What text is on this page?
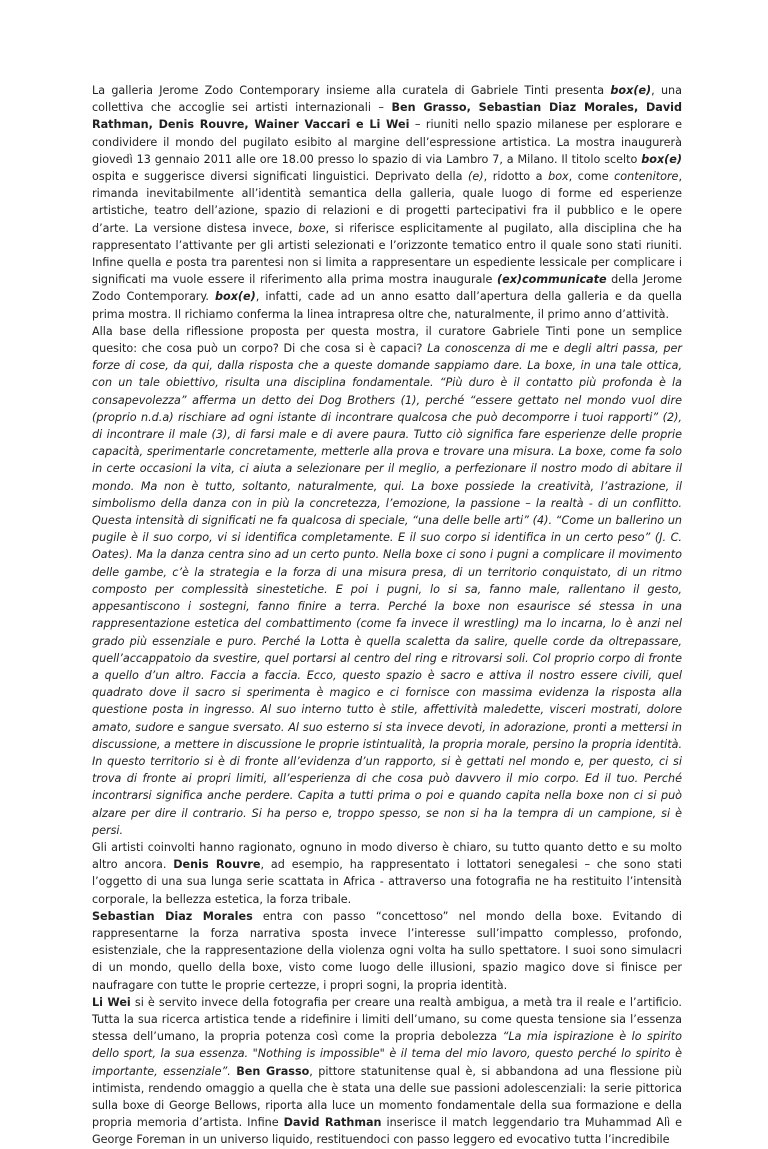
La galleria Jerome Zodo Contemporary insieme alla curatela di Gabriele Tinti presenta box(e), una collettiva che accoglie sei artisti internazionali – Ben Grasso, Sebastian Diaz Morales, David Rathman, Denis Rouvre, Wainer Vaccari e Li Wei – riuniti nello spazio milanese per esplorare e condividere il mondo del pugilato esibito al margine dell’espressione artistica. La mostra inaugurerà giovedì 13 gennaio 2011 alle ore 18.00 presso lo spazio di via Lambro 7, a Milano. Il titolo scelto box(e) ospita e suggerisce diversi significati linguistici. Deprivato della (e), ridotto a box, come contenitore, rimanda inevitabilmente all’identità semantica della galleria, quale luogo di forme ed esperienze artistiche, teatro dell’azione, spazio di relazioni e di progetti partecipativi fra il pubblico e le opere d’arte. La versione distesa invece, boxe, si riferisce esplicitamente al pugilato, alla disciplina che ha rappresentato l’attivante per gli artisti selezionati e l’orizzonte tematico entro il quale sono stati riuniti. Infine quella e posta tra parentesi non si limita a rappresentare un espediente lessicale per complicare i significati ma vuole essere il riferimento alla prima mostra inaugurale (ex)communicate della Jerome Zodo Contemporary. box(e), infatti, cade ad un anno esatto dall’apertura della galleria e da quella prima mostra. Il richiamo conferma la linea intrapresa oltre che, naturalmente, il primo anno d’attività.

Alla base della riflessione proposta per questa mostra, il curatore Gabriele Tinti pone un semplice quesito: che cosa può un corpo? Di che cosa si è capaci? La conoscenza di me e degli altri passa, per forze di cose, da qui, dalla risposta che a queste domande sappiamo dare. La boxe, in una tale ottica, con un tale obiettivo, risulta una disciplina fondamentale. “Più duro è il contatto più profonda è la consapevolezza” afferma un detto dei Dog Brothers (1), perché “essere gettato nel mondo vuol dire (proprio n.d.a) rischiare ad ogni istante di incontrare qualcosa che può decomporre i tuoi rapporti” (2), di incontrare il male (3), di farsi male e di avere paura. Tutto ciò significa fare esperienze delle proprie capacità, sperimentarle concretamente, metterle alla prova e trovare una misura. La boxe, come fa solo in certe occasioni la vita, ci aiuta a selezionare per il meglio, a perfezionare il nostro modo di abitare il mondo. Ma non è tutto, soltanto, naturalmente, qui. La boxe possiede la creatività, l’astrazione, il simbolismo della danza con in più la concretezza, l’emozione, la passione – la realtà - di un conflitto. Questa intensità di significati ne fa qualcosa di speciale, “una delle belle arti” (4). “Come un ballerino un pugile è il suo corpo, vi si identifica completamente. E il suo corpo si identifica in un certo peso” (J. C. Oates). Ma la danza centra sino ad un certo punto. Nella boxe ci sono i pugni a complicare il movimento delle gambe, c’è la strategia e la forza di una misura presa, di un territorio conquistato, di un ritmo composto per complessità sinestetiche. E poi i pugni, lo si sa, fanno male, rallentano il gesto, appesantiscono i sostegni, fanno finire a terra. Perché la boxe non esaurisce sé stessa in una rappresentazione estetica del combattimento (come fa invece il wrestling) ma lo incarna, lo è anzi nel grado più essenziale e puro. Perché la Lotta è quella scaletta da salire, quelle corde da oltrepassare, quell’accappatoio da svestire, quel portarsi al centro del ring e ritrovarsi soli. Col proprio corpo di fronte a quello d’un altro. Faccia a faccia. Ecco, questo spazio è sacro e attiva il nostro essere civili, quel quadrato dove il sacro si sperimenta è magico e ci fornisce con massima evidenza la risposta alla questione posta in ingresso. Al suo interno tutto è stile, affettività maledette, visceri mostrati, dolore amato, sudore e sangue sversato. Al suo esterno si sta invece devoti, in adorazione, pronti a mettersi in discussione, a mettere in discussione le proprie istintualità, la propria morale, persino la propria identità. In questo territorio si è di fronte all’evidenza d’un rapporto, si è gettati nel mondo e, per questo, ci si trova di fronte ai propri limiti, all’esperienza di che cosa può davvero il mio corpo. Ed il tuo. Perché incontrarsi significa anche perdere. Capita a tutti prima o poi e quando capita nella boxe non ci si può alzare per dire il contrario. Si ha perso e, troppo spesso, se non si ha la tempra di un campione, si è persi.

Gli artisti coinvolti hanno ragionato, ognuno in modo diverso è chiaro, su tutto quanto detto e su molto altro ancora. Denis Rouvre, ad esempio, ha rappresentato i lottatori senegalesi – che sono stati l’oggetto di una sua lunga serie scattata in Africa - attraverso una fotografia ne ha restituito l’intensità corporale, la bellezza estetica, la forza tribale.

Sebastian Diaz Morales entra con passo “concettoso” nel mondo della boxe. Evitando di rappresentarne la forza narrativa sposta invece l’interesse sull’impatto complesso, profondo, esistenziale, che la rappresentazione della violenza ogni volta ha sullo spettatore. I suoi sono simulacri di un mondo, quello della boxe, visto come luogo delle illusioni, spazio magico dove si finisce per naufragare con tutte le proprie certezze, i propri sogni, la propria identità.

Li Wei si è servito invece della fotografia per creare una realtà ambigua, a metà tra il reale e l’artificio. Tutta la sua ricerca artistica tende a ridefinire i limiti dell’umano, su come questa tensione sia l’essenza stessa dell’umano, la propria potenza così come la propria debolezza “La mia ispirazione è lo spirito dello sport, la sua essenza. "Nothing is impossible" è il tema del mio lavoro, questo perché lo spirito è importante, essenziale”. Ben Grasso, pittore statunitense qual è, si abbandona ad una flessione più intimista, rendendo omaggio a quella che è stata una delle sue passioni adolescenziali: la serie pittorica sulla boxe di George Bellows, riporta alla luce un momento fondamentale della sua formazione e della propria memoria d’artista. Infine David Rathman inserisce il match leggendario tra Muhammad Alì e George Foreman in un universo liquido, restituendoci con passo leggero ed evocativo tutta l’incredibile
